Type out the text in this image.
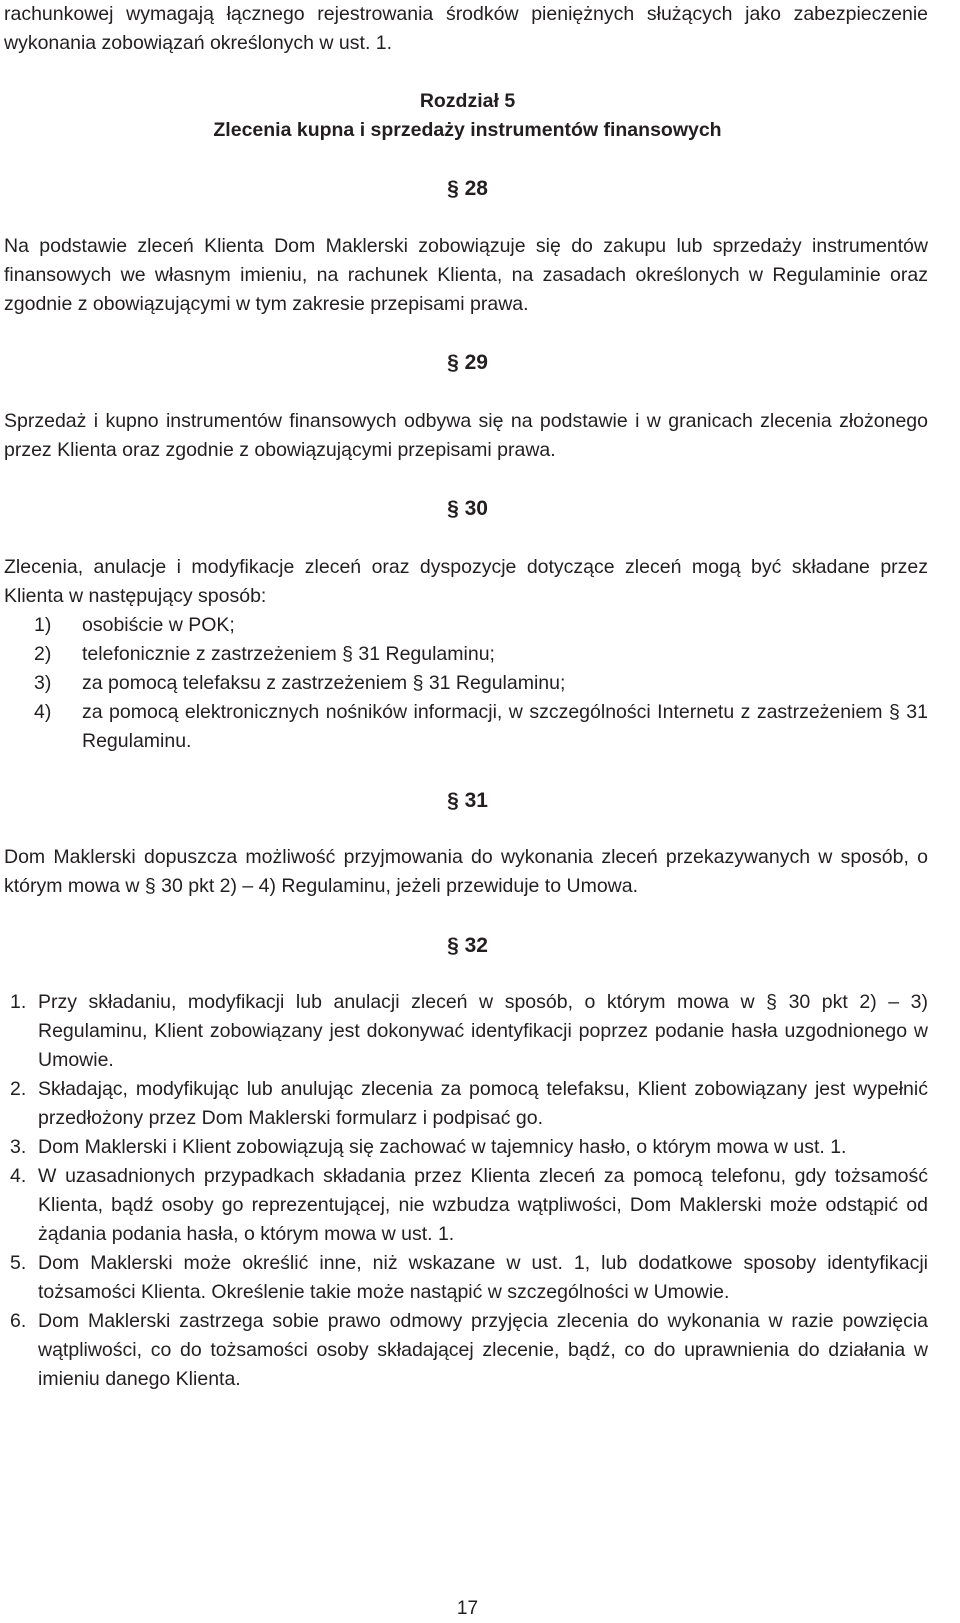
rachunkowej wymagają łącznego rejestrowania środków pieniężnych służących jako zabezpieczenie wykonania zobowiązań określonych w ust. 1.

Rozdział 5

Zlecenia kupna i sprzedaży instrumentów finansowych

§ 28

Na podstawie zleceń Klienta Dom Maklerski zobowiązuje się do zakupu lub sprzedaży instrumentów finansowych we własnym imieniu, na rachunek Klienta, na zasadach określonych w Regulaminie oraz zgodnie z obowiązującymi w tym zakresie przepisami prawa.

§ 29

Sprzedaż i kupno instrumentów finansowych odbywa się na podstawie i w granicach zlecenia złożonego przez Klienta oraz zgodnie z obowiązującymi przepisami prawa.

§ 30

Zlecenia, anulacje i modyfikacje zleceń oraz dyspozycje dotyczące zleceń mogą być składane przez Klienta w następujący sposób:

1) osobiście w POK;
2) telefonicznie z zastrzeżeniem § 31 Regulaminu;
3) za pomocą telefaksu z zastrzeżeniem § 31 Regulaminu;
4) za pomocą elektronicznych nośników informacji, w szczególności Internetu z zastrzeżeniem § 31 Regulaminu.

§ 31

Dom Maklerski dopuszcza możliwość przyjmowania do wykonania zleceń przekazywanych w sposób, o którym mowa w § 30 pkt 2) – 4) Regulaminu, jeżeli przewiduje to Umowa.

§ 32

1. Przy składaniu, modyfikacji lub anulacji zleceń w sposób, o którym mowa w § 30 pkt 2) – 3) Regulaminu, Klient zobowiązany jest dokonywać identyfikacji poprzez podanie hasła uzgodnionego w Umowie.
2. Składając, modyfikując lub anulując zlecenia za pomocą telefaksu, Klient zobowiązany jest wypełnić przedłożony przez Dom Maklerski formularz i podpisać go.
3. Dom Maklerski i Klient zobowiązują się zachować w tajemnicy hasło, o którym mowa w ust. 1.
4. W uzasadnionych przypadkach składania przez Klienta zleceń za pomocą telefonu, gdy tożsamość Klienta, bądź osoby go reprezentującej, nie wzbudza wątpliwości, Dom Maklerski może odstąpić od żądania podania hasła, o którym mowa w ust. 1.
5. Dom Maklerski może określić inne, niż wskazane w ust. 1, lub dodatkowe sposoby identyfikacji tożsamości Klienta. Określenie takie może nastąpić w szczególności w Umowie.
6. Dom Maklerski zastrzega sobie prawo odmowy przyjęcia zlecenia do wykonania w razie powzięcia wątpliwości, co do tożsamości osoby składającej zlecenie, bądź, co do uprawnienia do działania w imieniu danego Klienta.

17
